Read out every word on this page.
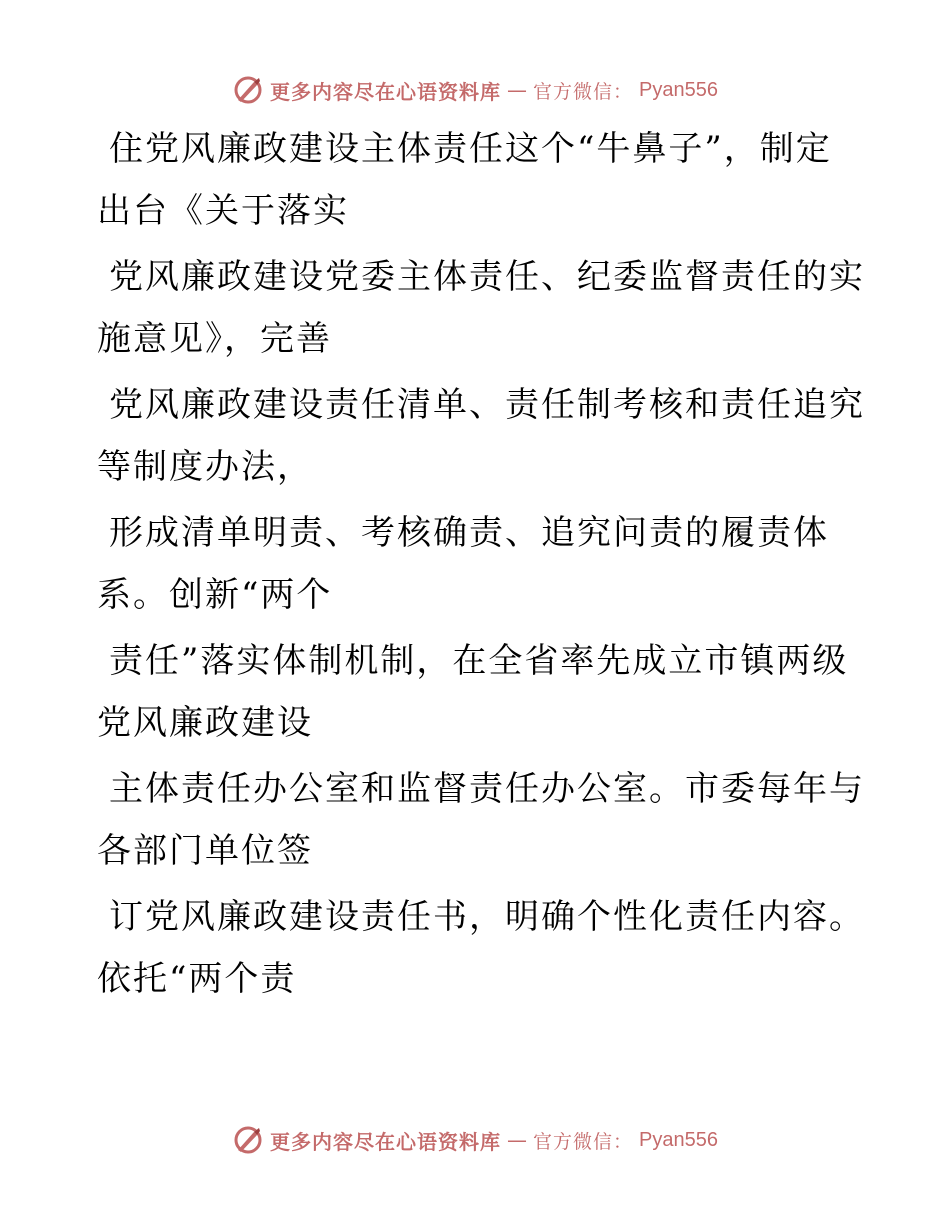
更多内容尽在心语资料库 — 官方微信： Pyan556

住党风廉政建设主体责任这个“牛鼻子”，制定
出台《关于落实

党风廉政建设党委主体责任、纪委监督责任的实
施意见》，完善

党风廉政建设责任清单、责任制考核和责任追究
等制度办法，

形成清单明责、考核确责、追究问责的履责体
系。创新“两个

责任”落实体制机制，在全省率先成立市镇两级
党风廉政建设

主体责任办公室和监督责任办公室。市委每年与
各部门单位签

订党风廉政建设责任书，明确个性化责任内容。
依托“两个责

更多内容尽在心语资料库 — 官方微信： Pyan556
